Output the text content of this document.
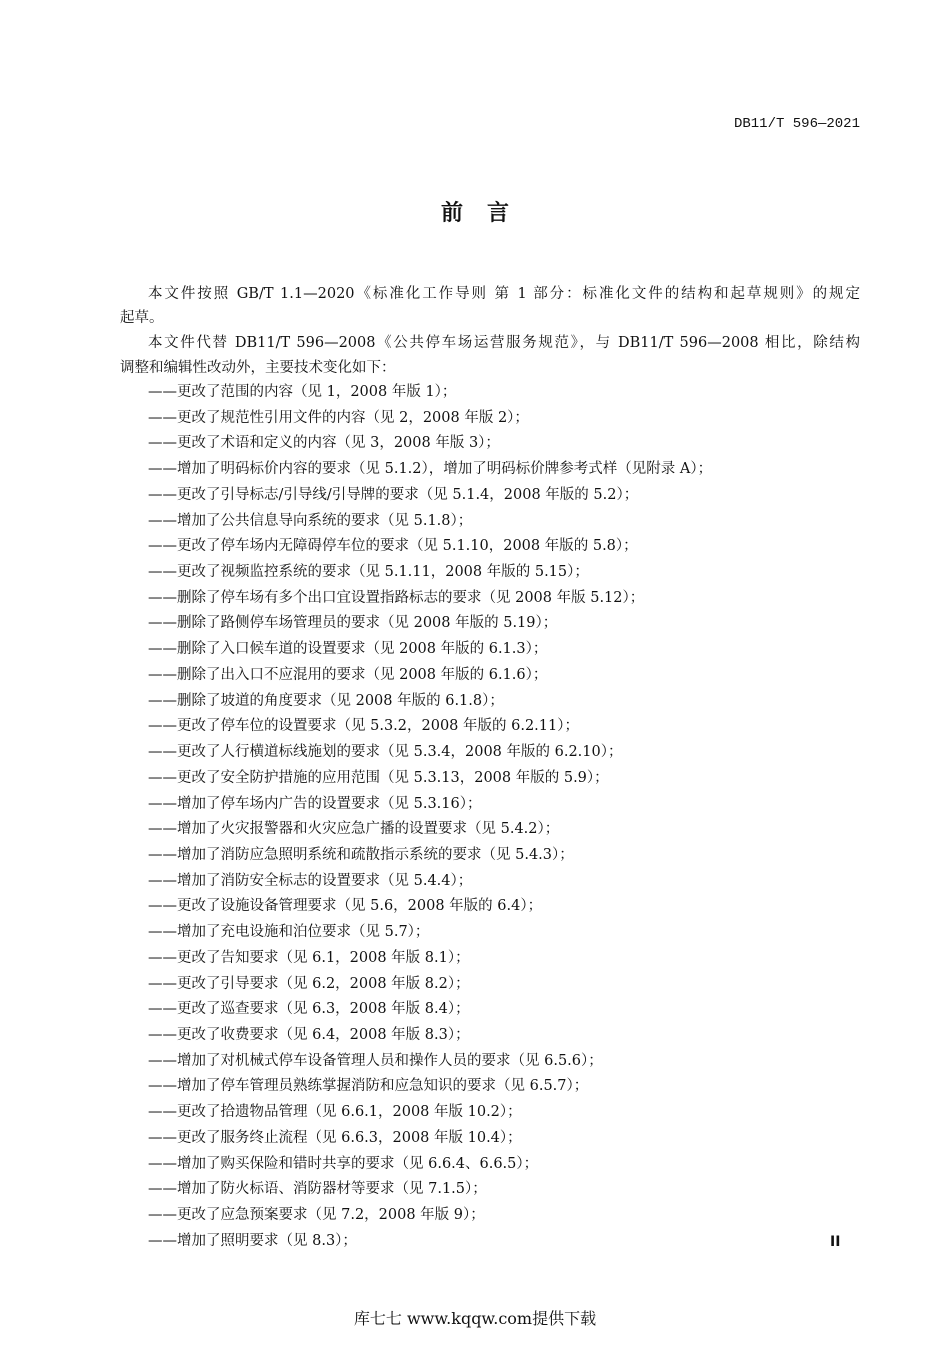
DB11/T 596—2021
前言
本文件按照 GB/T 1.1—2020《标准化工作导则 第 1 部分：标准化文件的结构和起草规则》的规定
起草。
本文件代替 DB11/T 596—2008《公共停车场运营服务规范》，与 DB11/T 596—2008 相比，除结构
调整和编辑性改动外，主要技术变化如下：
——更改了范围的内容（见 1，2008 年版 1）；
——更改了规范性引用文件的内容（见 2，2008 年版 2）；
——更改了术语和定义的内容（见 3，2008 年版 3）；
——增加了明码标价内容的要求（见 5.1.2），增加了明码标价牌参考式样（见附录 A）；
——更改了引导标志/引导线/引导牌的要求（见 5.1.4，2008 年版的 5.2）；
——增加了公共信息导向系统的要求（见 5.1.8）；
——更改了停车场内无障碍停车位的要求（见 5.1.10，2008 年版的 5.8）；
——更改了视频监控系统的要求（见 5.1.11，2008 年版的 5.15）；
——删除了停车场有多个出口宜设置指路标志的要求（见 2008 年版 5.12）；
——删除了路侧停车场管理员的要求（见 2008 年版的 5.19）；
——删除了入口候车道的设置要求（见 2008 年版的 6.1.3）；
——删除了出入口不应混用的要求（见 2008 年版的 6.1.6）；
——删除了坡道的角度要求（见 2008 年版的 6.1.8）；
——更改了停车位的设置要求（见 5.3.2，2008 年版的 6.2.11）；
——更改了人行横道标线施划的要求（见 5.3.4，2008 年版的 6.2.10）；
——更改了安全防护措施的应用范围（见 5.3.13，2008 年版的 5.9）；
——增加了停车场内广告的设置要求（见 5.3.16）；
——增加了火灾报警器和火灾应急广播的设置要求（见 5.4.2）；
——增加了消防应急照明系统和疏散指示系统的要求（见 5.4.3）；
——增加了消防安全标志的设置要求（见 5.4.4）；
——更改了设施设备管理要求（见 5.6，2008 年版的 6.4）；
——增加了充电设施和泊位要求（见 5.7）；
——更改了告知要求（见 6.1，2008 年版 8.1）；
——更改了引导要求（见 6.2，2008 年版 8.2）；
——更改了巡查要求（见 6.3，2008 年版 8.4）；
——更改了收费要求（见 6.4，2008 年版 8.3）；
——增加了对机械式停车设备管理人员和操作人员的要求（见 6.5.6）；
——增加了停车管理员熟练掌握消防和应急知识的要求（见 6.5.7）；
——更改了拾遗物品管理（见 6.6.1，2008 年版 10.2）；
——更改了服务终止流程（见 6.6.3，2008 年版 10.4）；
——增加了购买保险和错时共享的要求（见 6.6.4、6.6.5）；
——增加了防火标语、消防器材等要求（见 7.1.5）；
——更改了应急预案要求（见 7.2，2008 年版 9）；
——增加了照明要求（见 8.3）；	II
库七七 www.kqqw.com提供下载
